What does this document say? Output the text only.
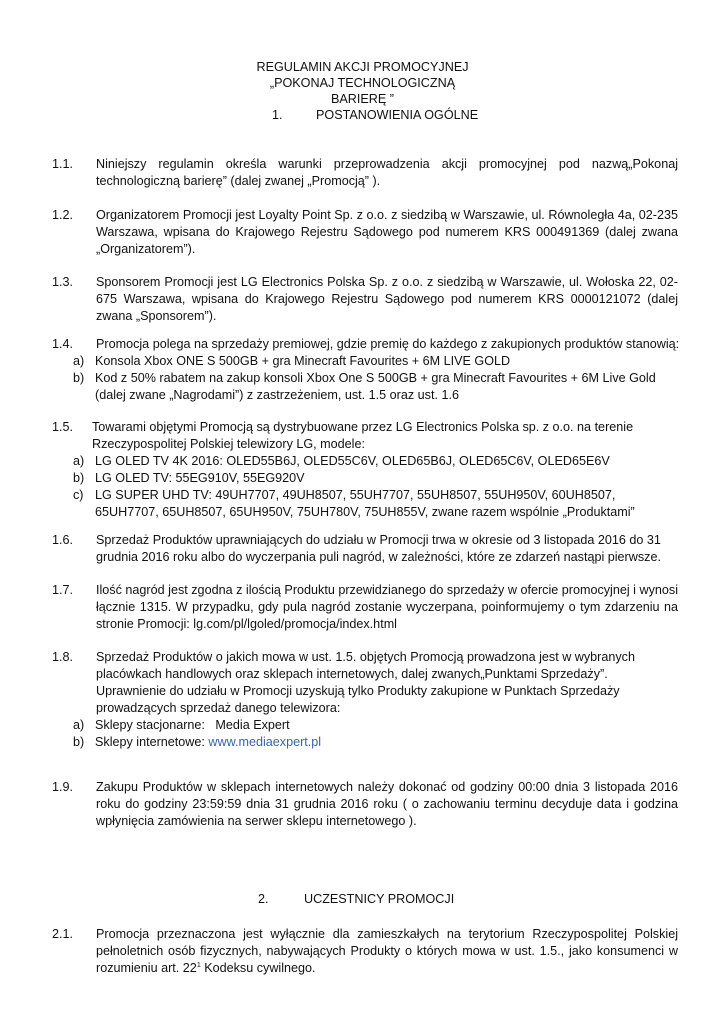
REGULAMIN AKCJI PROMOCYJNEJ
„POKONAJ TECHNOLOGICZNĄ
BARIERĘ ”
1.	POSTANOWIENIA OGÓLNE
1.1. Niniejszy regulamin określa warunki przeprowadzenia akcji promocyjnej pod nazwą„Pokonaj technologiczną barierę” (dalej zwanej „Promocją” ).
1.2. Organizatorem Promocji jest Loyalty Point Sp. z o.o. z siedzibą w Warszawie, ul. Równoległa 4a, 02-235 Warszawa, wpisana do Krajowego Rejestru Sądowego pod numerem KRS 000491369 (dalej zwana „Organizatorem”).
1.3. Sponsorem Promocji jest LG Electronics Polska Sp. z o.o. z siedzibą w Warszawie, ul. Wołoska 22, 02-675 Warszawa, wpisana do Krajowego Rejestru Sądowego pod numerem KRS 0000121072 (dalej zwana „Sponsorem”).
1.4. Promocja polega na sprzedaży premiowej, gdzie premię do każdego z zakupionych produktów stanowią:
a) Konsola Xbox ONE S 500GB + gra Minecraft Favourites + 6M LIVE GOLD
b) Kod z 50% rabatem na zakup konsoli Xbox One S 500GB + gra Minecraft Favourites + 6M Live Gold (dalej zwane „Nagrodami”) z zastrzeżeniem, ust. 1.5 oraz ust. 1.6
1.5. Towarami objętymi Promocją są dystrybuowane przez LG Electronics Polska sp. z o.o. na terenie Rzeczypospolitej Polskiej telewizory LG, modele:
a) LG OLED TV 4K 2016: OLED55B6J, OLED55C6V, OLED65B6J, OLED65C6V, OLED65E6V
b) LG OLED TV: 55EG910V, 55EG920V
c) LG SUPER UHD TV: 49UH7707, 49UH8507, 55UH7707, 55UH8507, 55UH950V, 60UH8507, 65UH7707, 65UH8507, 65UH950V, 75UH780V, 75UH855V, zwane razem wspólnie „Produktami”
1.6. Sprzedaż Produktów uprawniających do udziału w Promocji trwa w okresie od 3 listopada 2016 do 31 grudnia 2016 roku albo do wyczerpania puli nagród, w zależności, które ze zdarzeń nastąpi pierwsze.
1.7. Ilość nagród jest zgodna z ilością Produktu przewidzianego do sprzedaży w ofercie promocyjnej i wynosi łącznie 1315. W przypadku, gdy pula nagród zostanie wyczerpana, poinformujemy o tym zdarzeniu na stronie Promocji: lg.com/pl/lgoled/promocja/index.html
1.8. Sprzedaż Produktów o jakich mowa w ust. 1.5. objętych Promocją prowadzona jest w wybranych placówkach handlowych oraz sklepach internetowych, dalej zwanych„Punktami Sprzedaży”.
Uprawnienie do udziału w Promocji uzyskują tylko Produkty zakupione w Punktach Sprzedaży prowadzących sprzedaż danego telewizora:
a) Sklepy stacjonarne:   Media Expert
b) Sklepy internetowe: www.mediaexpert.pl
1.9. Zakupu Produktów w sklepach internetowych należy dokonać od godziny 00:00 dnia 3 listopada 2016 roku do godziny 23:59:59 dnia 31 grudnia 2016 roku ( o zachowaniu terminu decyduje data i godzina wpłynięcia zamówienia na serwer sklepu internetowego ).
2.	UCZESTNICY PROMOCJI
2.1. Promocja przeznaczona jest wyłącznie dla zamieszkałych na terytorium Rzeczypospolitej Polskiej pełnoletnich osób fizycznych, nabywających Produkty o których mowa w ust. 1.5., jako konsumenci w rozumieniu art. $22^1$ Kodeksu cywilnego.
